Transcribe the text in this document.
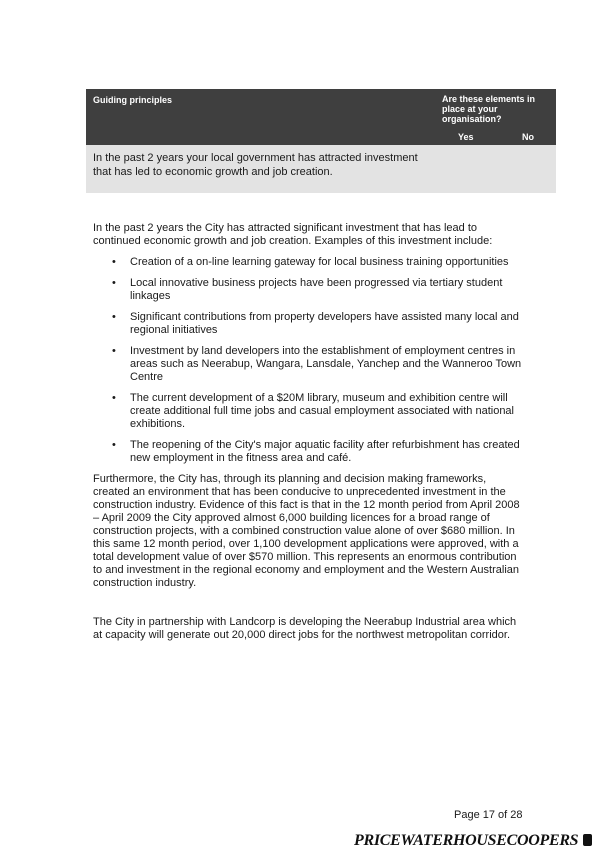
Guiding principles	Are these elements in place at your organisation?
Yes	No
In the past 2 years your local government has attracted investment that has led to economic growth and job creation.

In the past 2 years the City has attracted significant investment that has lead to continued economic growth and job creation. Examples of this investment include:

• Creation of a on-line learning gateway for local business training opportunities
• Local innovative business projects have been progressed via tertiary student linkages
• Significant contributions from property developers have assisted many local and regional initiatives
• Investment by land developers into the establishment of employment centres in areas such as Neerabup, Wangara, Lansdale, Yanchep and the Wanneroo Town Centre
• The current development of a $20M library, museum and exhibition centre will create additional full time jobs and casual employment associated with national exhibitions.
• The reopening of the City's major aquatic facility after refurbishment has created new employment in the fitness area and café.

Furthermore, the City has, through its planning and decision making frameworks, created an environment that has been conducive to unprecedented investment in the construction industry. Evidence of this fact is that in the 12 month period from April 2008 – April 2009 the City approved almost 6,000 building licences for a broad range of construction projects, with a combined construction value alone of over $680 million. In this same 12 month period, over 1,100 development applications were approved, with a total development value of over $570 million. This represents an enormous contribution to and investment in the regional economy and employment and the Western Australian construction industry.

The City in partnership with Landcorp is developing the Neerabup Industrial area which at capacity will generate out 20,000 direct jobs for the northwest metropolitan corridor.

Page 17 of 28
PRICEWATERHOUSECOOPERS
